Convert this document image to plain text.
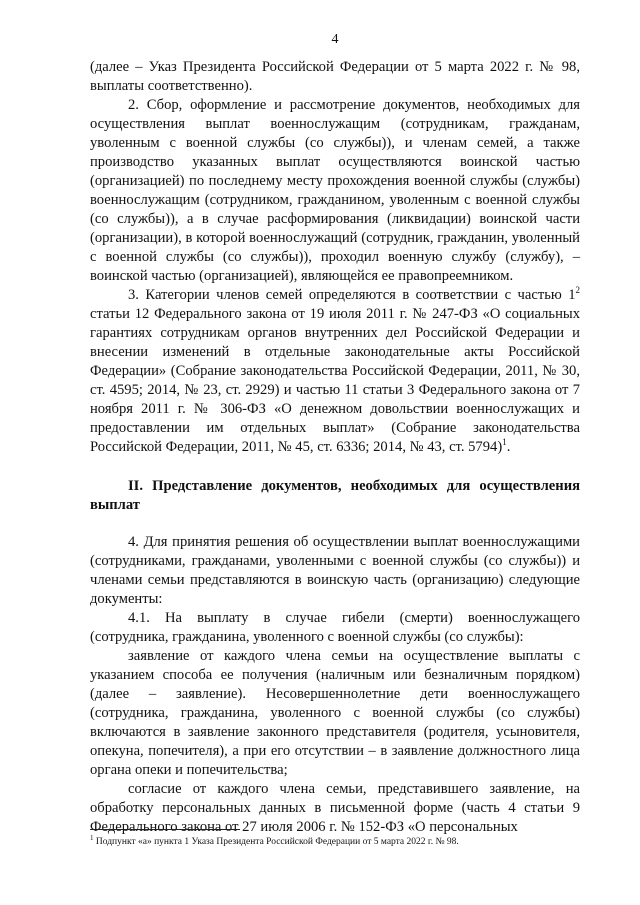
4

(далее – Указ Президента Российской Федерации от 5 марта 2022 г. № 98, выплаты соответственно).

2. Сбор, оформление и рассмотрение документов, необходимых для осуществления выплат военнослужащим (сотрудникам, гражданам, уволенным с военной службы (со службы)), и членам семей, а также производство указанных выплат осуществляются воинской частью (организацией) по последнему месту прохождения военной службы (службы) военнослужащим (сотрудником, гражданином, уволенным с военной службы (со службы)), а в случае расформирования (ликвидации) воинской части (организации), в которой военнослужащий (сотрудник, гражданин, уволенный с военной службы (со службы)), проходил военную службу (службу), – воинской частью (организацией), являющейся ее правопреемником.

3. Категории членов семей определяются в соответствии с частью $1^2$ статьи 12 Федерального закона от 19 июля 2011 г. № 247-ФЗ «О социальных гарантиях сотрудникам органов внутренних дел Российской Федерации и внесении изменений в отдельные законодательные акты Российской Федерации» (Собрание законодательства Российской Федерации, 2011, № 30, ст. 4595; 2014, № 23, ст. 2929) и частью 11 статьи 3 Федерального закона от 7 ноября 2011 г. № 306-ФЗ «О денежном довольствии военнослужащих и предоставлении им отдельных выплат» (Собрание законодательства Российской Федерации, 2011, № 45, ст. 6336; 2014, № 43, ст. 5794)$^1$.

II. Представление документов, необходимых для осуществления выплат

4. Для принятия решения об осуществлении выплат военнослужащими (сотрудниками, гражданами, уволенными с военной службы (со службы)) и членами семьи представляются в воинскую часть (организацию) следующие документы:

4.1. На выплату в случае гибели (смерти) военнослужащего (сотрудника, гражданина, уволенного с военной службы (со службы):

заявление от каждого члена семьи на осуществление выплаты с указанием способа ее получения (наличным или безналичным порядком) (далее – заявление). Несовершеннолетние дети военнослужащего (сотрудника, гражданина, уволенного с военной службы (со службы) включаются в заявление законного представителя (родителя, усыновителя, опекуна, попечителя), а при его отсутствии – в заявление должностного лица органа опеки и попечительства;

согласие от каждого члена семьи, представившего заявление, на обработку персональных данных в письменной форме (часть 4 статьи 9 Федерального закона от 27 июля 2006 г. № 152-ФЗ «О персональных

$^1$ Подпункт «а» пункта 1 Указа Президента Российской Федерации от 5 марта 2022 г. № 98.
